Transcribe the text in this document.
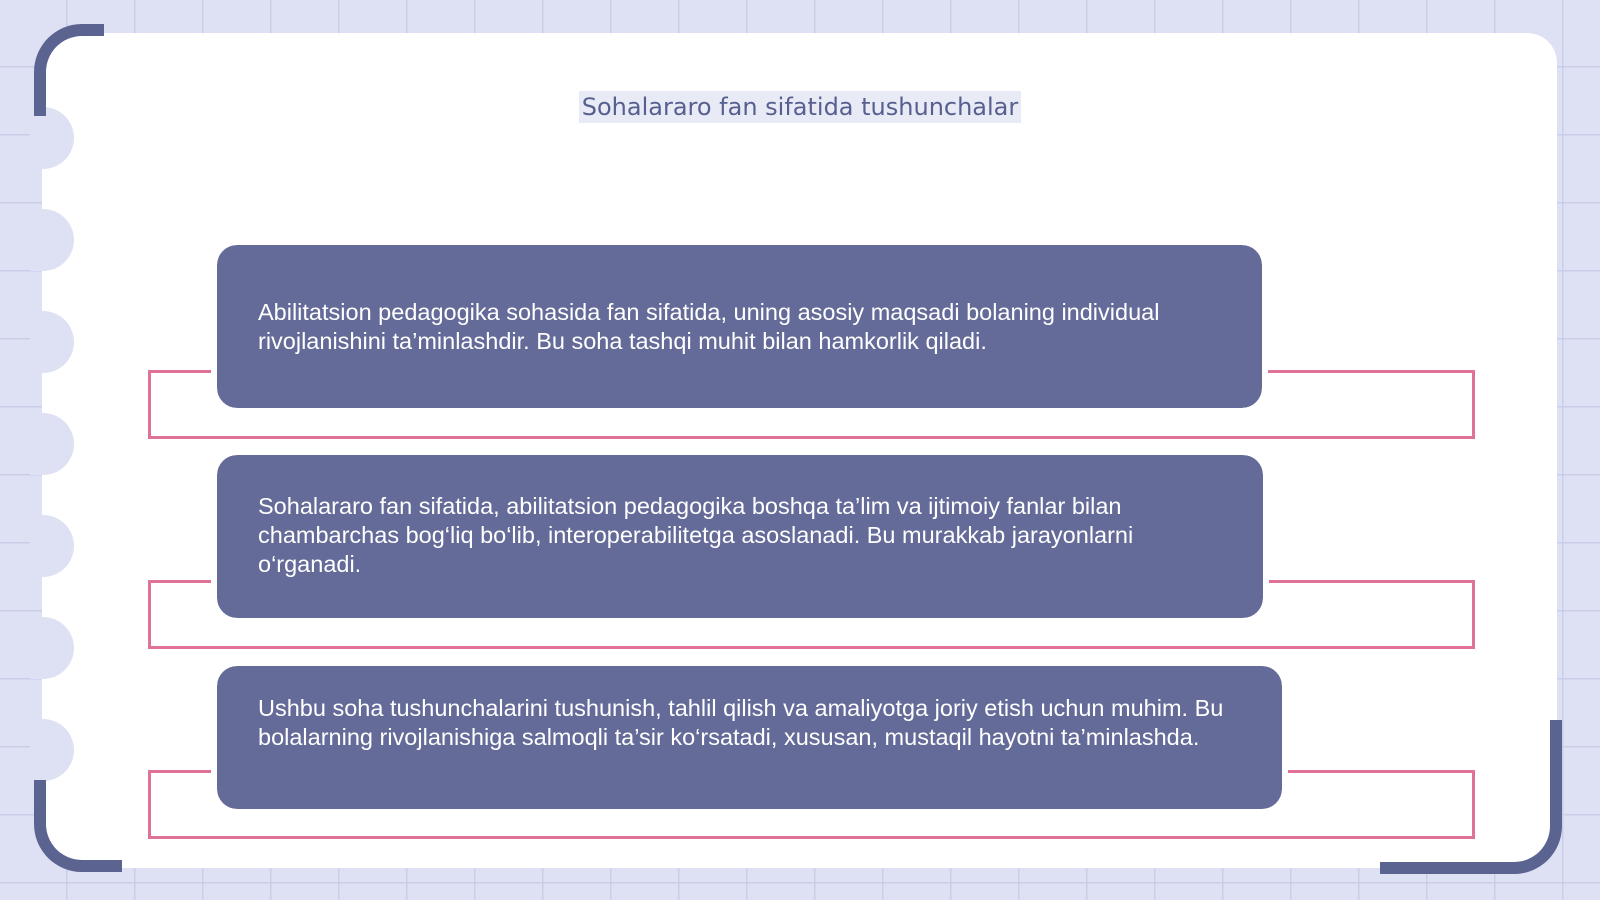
Sohalararo fan sifatida tushunchalar
Abilitatsion pedagogika sohasida fan sifatida, uning asosiy maqsadi bolaning individual rivojlanishini ta’minlashdir. Bu soha tashqi muhit bilan hamkorlik qiladi.
Sohalararo fan sifatida, abilitatsion pedagogika boshqa ta’lim va ijtimoiy fanlar bilan chambarchas bog‘liq bo‘lib, interoperabilitetga asoslanadi. Bu murakkab jarayonlarni o‘rganadi.
Ushbu soha tushunchalarini tushunish, tahlil qilish va amaliyotga joriy etish uchun muhim. Bu bolalarning rivojlanishiga salmoqli ta’sir ko‘rsatadi, xususan, mustaqil hayotni ta’minlashda.
